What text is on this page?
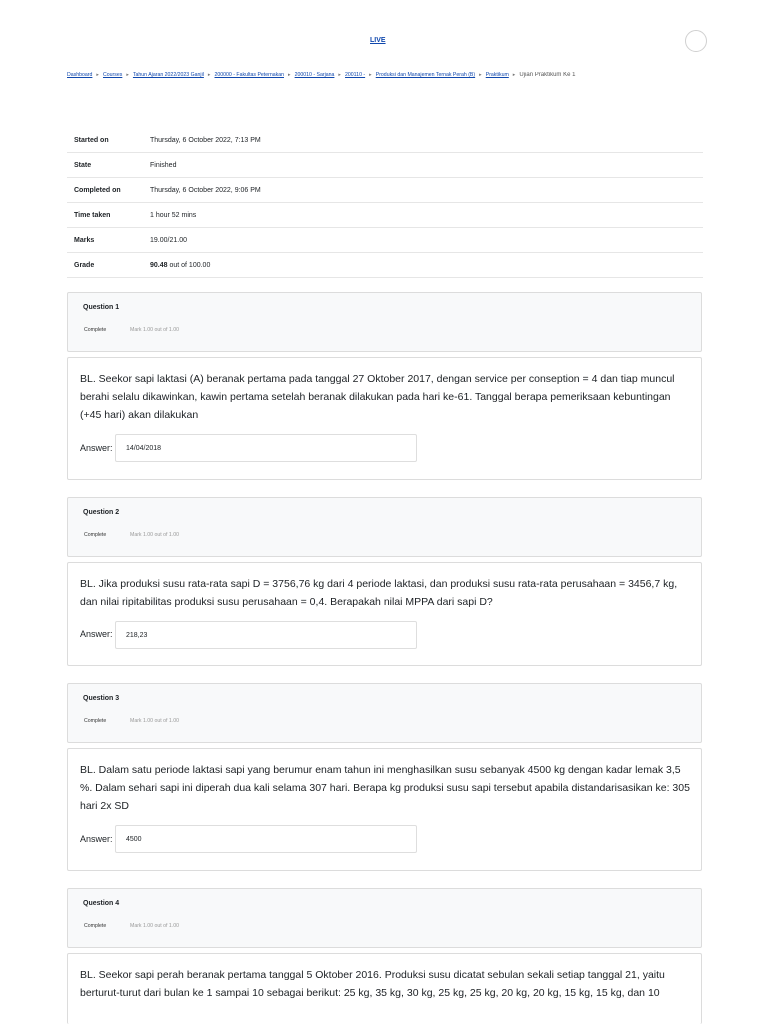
LIVE
Dashboard ▸ Courses ▸ Tahun Ajaran 2022/2023 Ganjil ▸ 200000 - Fakultas Peternakan ▸ 200010 - Sarjana ▸ 200110 - ▸ Produksi dan Manajemen Ternak Perah (B) ▸ Praktikum ▸ Ujian Praktikum Ke 1
Started on	Thursday, 6 October 2022, 7:13 PM
State	Finished
Completed on	Thursday, 6 October 2022, 9:06 PM
Time taken	1 hour 52 mins
Marks	19.00/21.00
Grade	90.48 out of 100.00
Question 1
Complete	Mark 1.00 out of 1.00
BL. Seekor sapi laktasi (A) beranak pertama pada tanggal 27 Oktober 2017, dengan service per conseption = 4 dan tiap muncul berahi selalu dikawinkan, kawin pertama setelah beranak dilakukan pada hari ke-61. Tanggal berapa pemeriksaan kebuntingan (+45 hari) akan dilakukan
Answer:	14/04/2018
Question 2
Complete	Mark 1.00 out of 1.00
BL. Jika produksi susu rata-rata sapi D = 3756,76 kg dari 4 periode laktasi, dan produksi susu rata-rata perusahaan = 3456,7 kg, dan nilai ripitabilitas produksi susu perusahaan = 0,4. Berapakah nilai MPPA dari sapi D?
Answer:	218,23
Question 3
Complete	Mark 1.00 out of 1.00
BL. Dalam satu periode laktasi sapi yang berumur enam tahun ini menghasilkan susu sebanyak 4500 kg dengan kadar lemak 3,5 %. Dalam sehari sapi ini diperah dua kali selama 307 hari. Berapa kg produksi susu sapi tersebut apabila distandarisasikan ke: 305 hari 2x SD
Answer:	4500
Question 4
Complete	Mark 1.00 out of 1.00
BL. Seekor sapi perah beranak pertama tanggal 5 Oktober 2016. Produksi susu dicatat sebulan sekali setiap tanggal 21, yaitu berturut-turut dari bulan ke 1 sampai 10 sebagai berikut: 25 kg, 35 kg, 30 kg, 25 kg, 25 kg, 20 kg, 20 kg, 15 kg, 15 kg, dan 10
